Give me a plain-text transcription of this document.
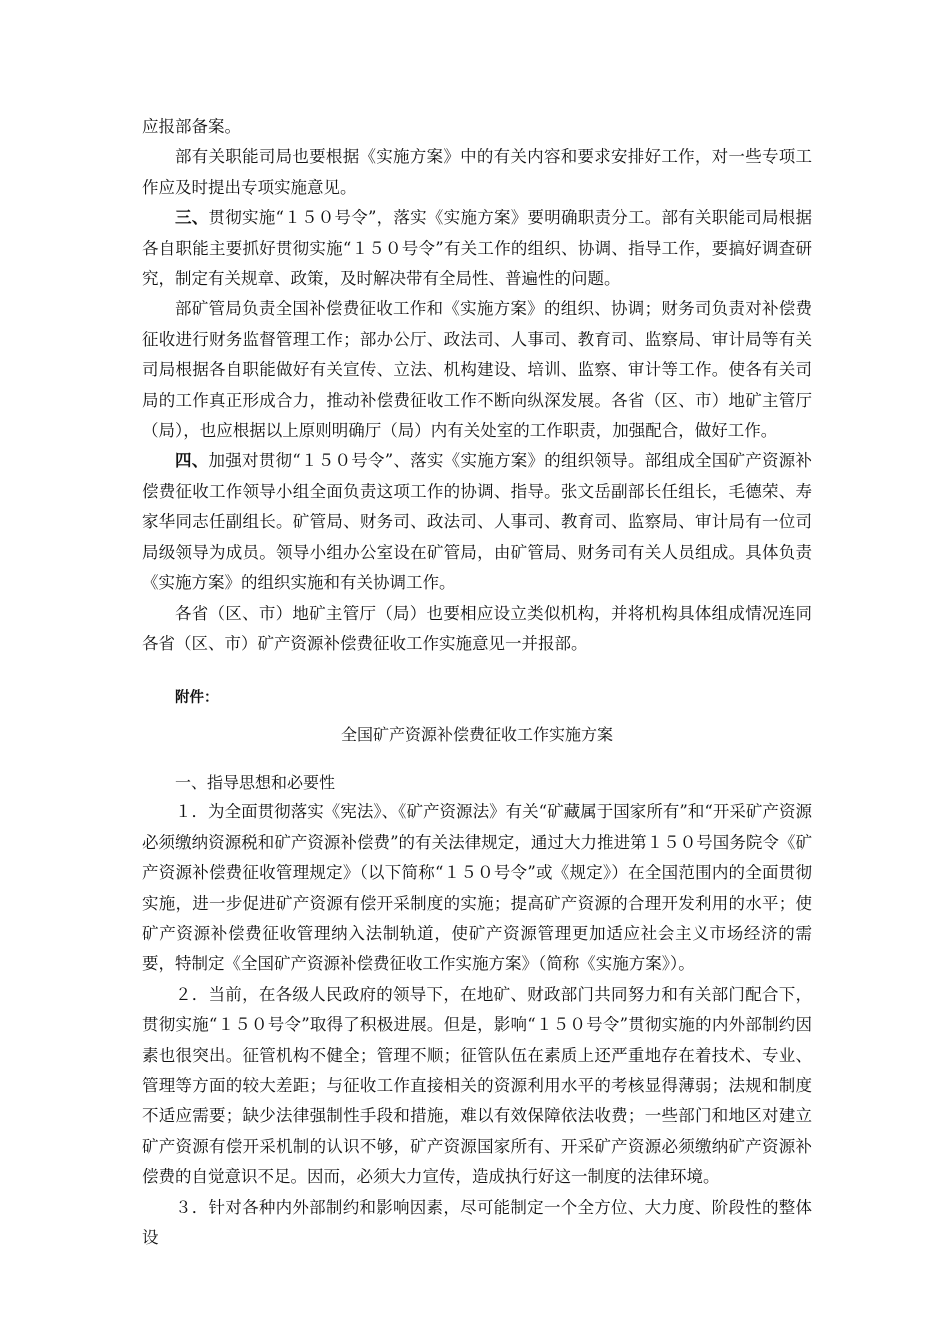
应报部备案。

部有关职能司局也要根据《实施方案》中的有关内容和要求安排好工作，对一些专项工作应及时提出专项实施意见。

三、贯彻实施“１５０号令”，落实《实施方案》要明确职责分工。部有关职能司局根据各自职能主要抓好贯彻实施“１５０号令”有关工作的组织、协调、指导工作，要搞好调查研究，制定有关规章、政策，及时解决带有全局性、普遍性的问题。

部矿管局负责全国补偿费征收工作和《实施方案》的组织、协调；财务司负责对补偿费征收进行财务监督管理工作；部办公厅、政法司、人事司、教育司、监察局、审计局等有关司局根据各自职能做好有关宣传、立法、机构建设、培训、监察、审计等工作。使各有关司局的工作真正形成合力，推动补偿费征收工作不断向纵深发展。各省（区、市）地矿主管厅（局），也应根据以上原则明确厅（局）内有关处室的工作职责，加强配合，做好工作。

四、加强对贯彻“１５０号令”、落实《实施方案》的组织领导。部组成全国矿产资源补偿费征收工作领导小组全面负责这项工作的协调、指导。张文岳副部长任组长，毛德荣、寿家华同志任副组长。矿管局、财务司、政法司、人事司、教育司、监察局、审计局有一位司局级领导为成员。领导小组办公室设在矿管局，由矿管局、财务司有关人员组成。具体负责《实施方案》的组织实施和有关协调工作。

各省（区、市）地矿主管厅（局）也要相应设立类似机构，并将机构具体组成情况连同各省（区、市）矿产资源补偿费征收工作实施意见一并报部。

附件：
全国矿产资源补偿费征收工作实施方案
一、指导思想和必要性

１．为全面贯彻落实《宪法》、《矿产资源法》有关“矿藏属于国家所有”和“开采矿产资源必须缴纳资源税和矿产资源补偿费”的有关法律规定，通过大力推进第１５０号国务院令《矿产资源补偿费征收管理规定》（以下简称“１５０号令”或《规定》）在全国范围内的全面贯彻实施，进一步促进矿产资源有偿开采制度的实施；提高矿产资源的合理开发利用的水平；使矿产资源补偿费征收管理纳入法制轨道，使矿产资源管理更加适应社会主义市场经济的需要，特制定《全国矿产资源补偿费征收工作实施方案》（简称《实施方案》）。

２．当前，在各级人民政府的领导下，在地矿、财政部门共同努力和有关部门配合下，贯彻实施“１５０号令”取得了积极进展。但是，影响“１５０号令”贯彻实施的内外部制约因素也很突出。征管机构不健全；管理不顺；征管队伍在素质上还严重地存在着技术、专业、管理等方面的较大差距；与征收工作直接相关的资源利用水平的考核显得薄弱；法规和制度不适应需要；缺少法律强制性手段和措施，难以有效保障依法收费；一些部门和地区对建立矿产资源有偿开采机制的认识不够，矿产资源国家所有、开采矿产资源必须缴纳矿产资源补偿费的自觉意识不足。因而，必须大力宣传，造成执行好这一制度的法律环境。

３．针对各种内外部制约和影响因素，尽可能制定一个全方位、大力度、阶段性的整体设
